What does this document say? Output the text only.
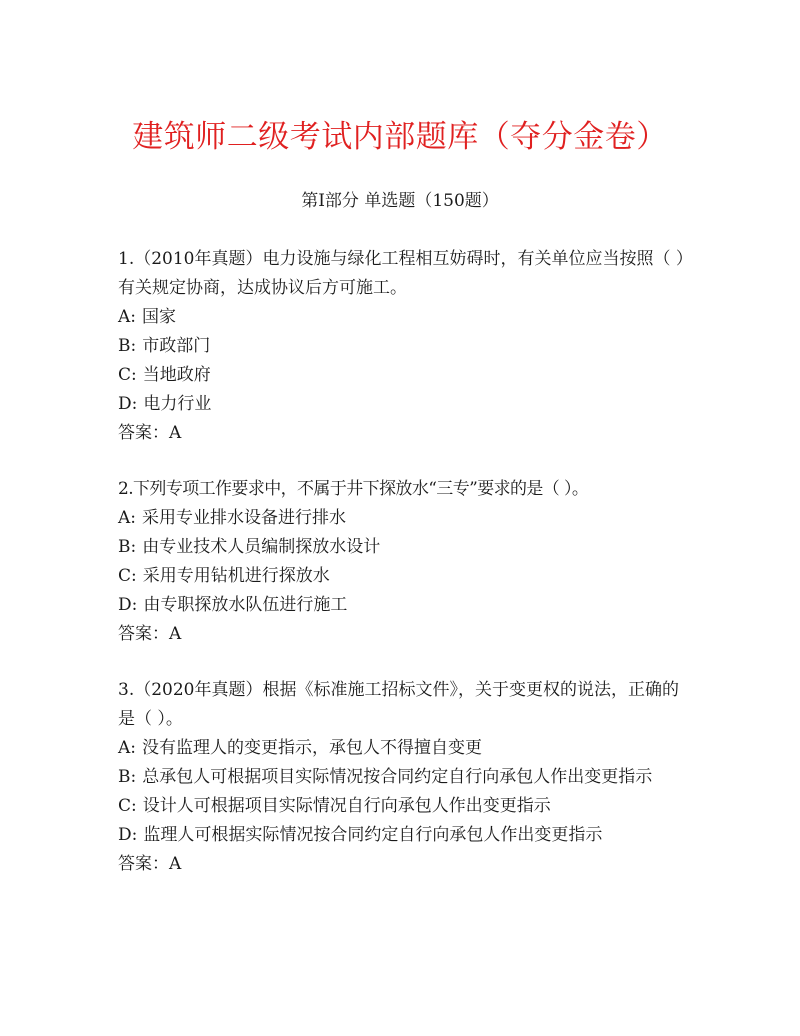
建筑师二级考试内部题库（夺分金卷）
第I部分 单选题（150题）
1.（2010年真题）电力设施与绿化工程相互妨碍时，有关单位应当按照（ ）有关规定协商，达成协议后方可施工。
A: 国家
B: 市政部门
C: 当地政府
D: 电力行业
答案：A
2.下列专项工作要求中，不属于井下探放水“三专”要求的是（ ）。
A: 采用专业排水设备进行排水
B: 由专业技术人员编制探放水设计
C: 采用专用钻机进行探放水
D: 由专职探放水队伍进行施工
答案：A
3.（2020年真题）根据《标准施工招标文件》，关于变更权的说法，正确的是（ ）。
A: 没有监理人的变更指示，承包人不得擅自变更
B: 总承包人可根据项目实际情况按合同约定自行向承包人作出变更指示
C: 设计人可根据项目实际情况自行向承包人作出变更指示
D: 监理人可根据实际情况按合同约定自行向承包人作出变更指示
答案：A
